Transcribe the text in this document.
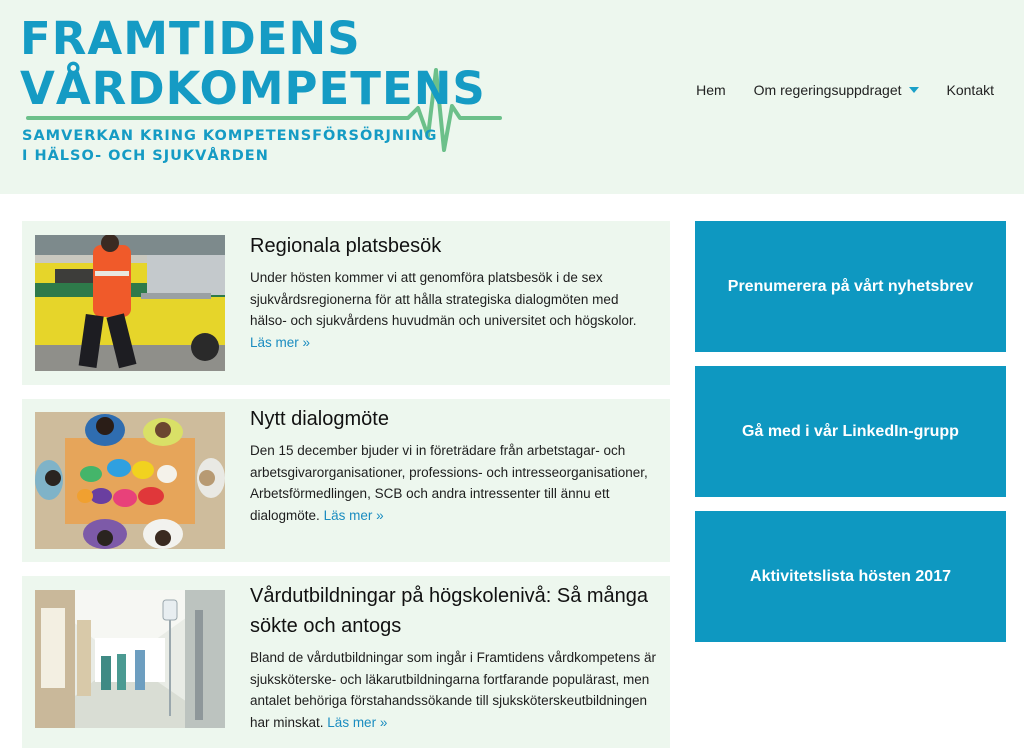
FRAMTIDENS
VÅRDKOMPETENS
SAMVERKAN KRING KOMPETENSFÖRSÖRJNING
I HÄLSO- OCH SJUKVÅRDEN
Hem Om regeringsuppdraget	Kontakt
Regionala platsbesök

Under hösten kommer vi att genomföra platsbesök i de sex sjukvårdsregionerna för att hålla strategiska dialogmöten med hälso- och sjukvårdens huvudmän och universitet och högskolor.
Läs mer »

Nytt dialogmöte

Den 15 december bjuder vi in företrädare från arbetstagar- och arbetsgivarorganisationer, professions- och intresseorganisationer, Arbetsförmedlingen, SCB och andra intressenter till ännu ett dialogmöte. Läs mer »

Vårdutbildningar på högskolenivå: Så många sökte och antogs

Bland de vårdutbildningar som ingår i Framtidens vårdkompetens är sjuksköterske- och läkarutbildningarna fortfarande populärast, men antalet behöriga förstahandssökande till sjuksköterskeutbildningen har minskat. Läs mer »

Prenumerera på vårt nyhetsbrev
Gå med i vår LinkedIn-grupp
Aktivitetslista hösten 2017
